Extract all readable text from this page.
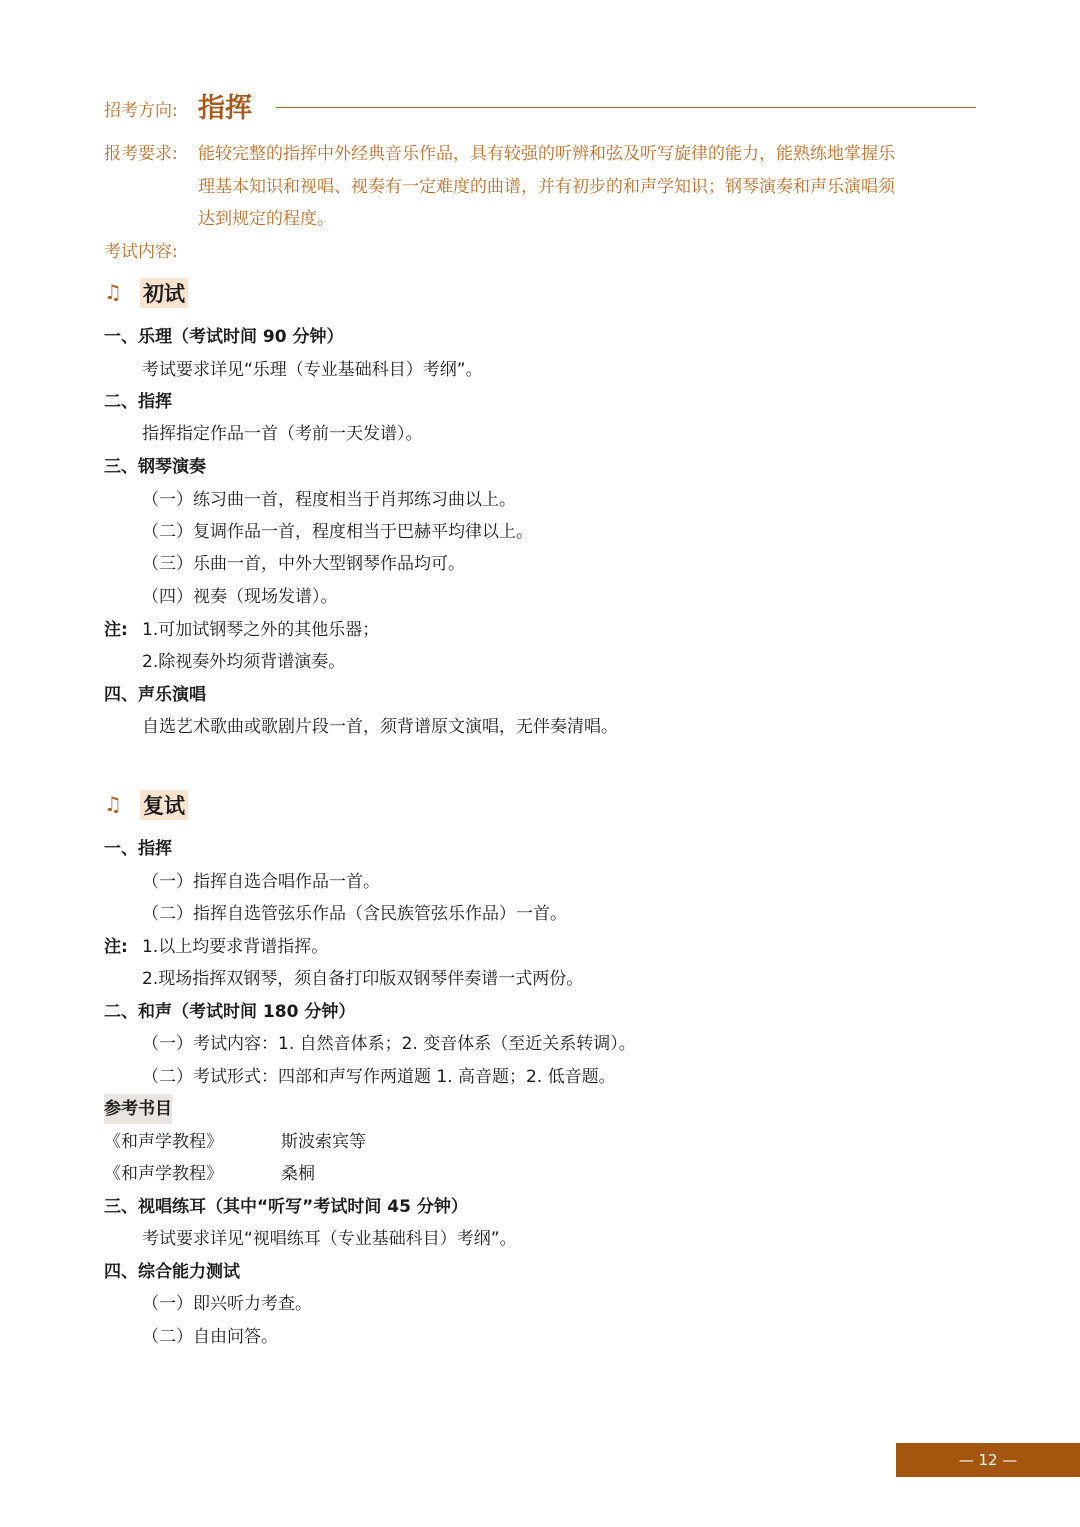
招考方向: 指挥
报考要求: 能较完整的指挥中外经典音乐作品，具有较强的听辨和弦及听写旋律的能力，能熟练地掌握乐
理基本知识和视唱、视奏有一定难度的曲谱，并有初步的和声学知识；钢琴演奏和声乐演唱须
达到规定的程度。
考试内容:
♫ 初试
一、乐理（考试时间 90 分钟）
考试要求详见“乐理（专业基础科目）考纲”。
二、指挥
指挥指定作品一首（考前一天发谱）。
三、钢琴演奏
（一）练习曲一首，程度相当于肖邦练习曲以上。
（二）复调作品一首，程度相当于巴赫平均律以上。
（三）乐曲一首，中外大型钢琴作品均可。
（四）视奏（现场发谱）。
注: 1.可加试钢琴之外的其他乐器；
2.除视奏外均须背谱演奏。
四、声乐演唱
自选艺术歌曲或歌剧片段一首，须背谱原文演唱，无伴奏清唱。
♫ 复试
一、指挥
（一）指挥自选合唱作品一首。
（二）指挥自选管弦乐作品（含民族管弦乐作品）一首。
注: 1.以上均要求背谱指挥。
2.现场指挥双钢琴，须自备打印版双钢琴伴奏谱一式两份。
二、和声（考试时间 180 分钟）
（一）考试内容：1. 自然音体系；2. 变音体系（至近关系转调）。
（二）考试形式：四部和声写作两道题 1. 高音题；2. 低音题。
参考书目
《和声学教程》	斯波索宾等
《和声学教程》	桑桐
三、视唱练耳（其中“听写”考试时间 45 分钟）
考试要求详见“视唱练耳（专业基础科目）考纲”。
四、综合能力测试
（一）即兴听力考查。
（二）自由问答。
— 12 —
